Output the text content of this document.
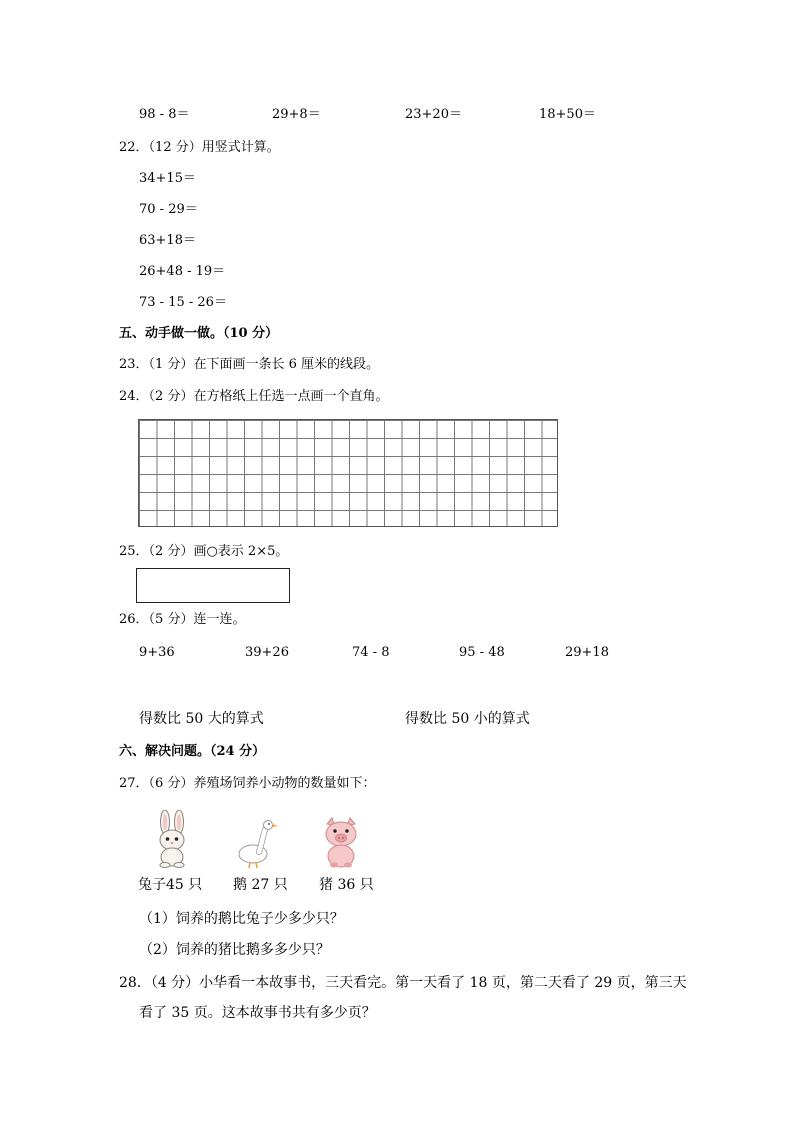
98 - 8＝	29+8＝	23+20＝	18+50＝
22．（12 分）用竖式计算。
34+15＝
70 - 29＝
63+18＝
26+48 - 19＝
73 - 15 - 26＝
五、动手做一做。（10 分）
23．（1 分）在下面画一条长 6 厘米的线段。
24．（2 分）在方格纸上任选一点画一个直角。
25．（2 分）画○表示 2×5。
26．（5 分）连一连。
9+36	39+26	74 - 8	95 - 48	29+18
得数比 50 大的算式	得数比 50 小的算式
六、解决问题。（24 分）
27．（6 分）养殖场饲养小动物的数量如下：
兔子45 只 鹅 27 只 猪 36 只
（1）饲养的鹅比兔子少多少只？
（2）饲养的猪比鹅多多少只？
28．（4 分）小华看一本故事书，三天看完。第一天看了 18 页，第二天看了 29 页，第三天
看了 35 页。这本故事书共有多少页？
